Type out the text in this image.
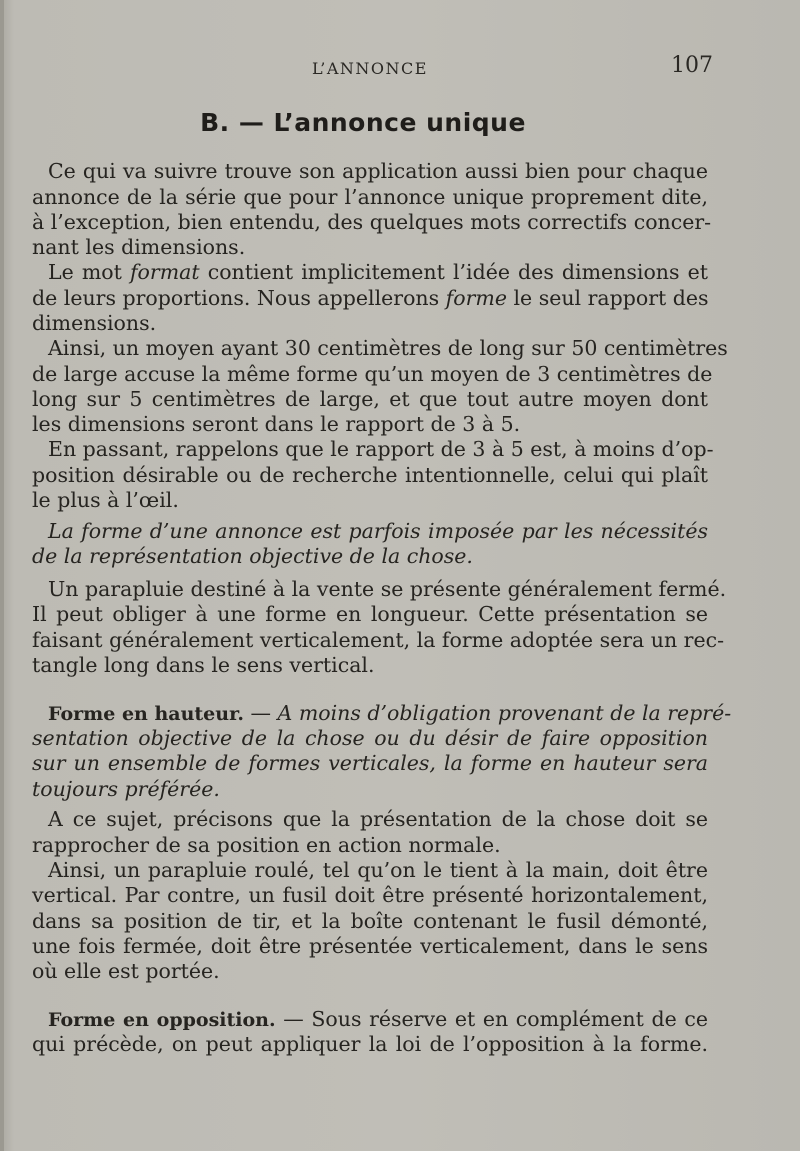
L’ANNONCE	107
B. — L’annonce unique
Ce qui va suivre trouve son application aussi bien pour chaque
annonce de la série que pour l’annonce unique proprement dite,
à l’exception, bien entendu, des quelques mots correctifs concer-
nant les dimensions.
Le mot format contient implicitement l’idée des dimensions et
de leurs proportions. Nous appellerons forme le seul rapport des
dimensions.
Ainsi, un moyen ayant 30 centimètres de long sur 50 centimètres
de large accuse la même forme qu’un moyen de 3 centimètres de
long sur 5 centimètres de large, et que tout autre moyen dont
les dimensions seront dans le rapport de 3 à 5.
En passant, rappelons que le rapport de 3 à 5 est, à moins d’op-
position désirable ou de recherche intentionnelle, celui qui plaît
le plus à l’œil.
La forme d’une annonce est parfois imposée par les nécessités
de la représentation objective de la chose.
Un parapluie destiné à la vente se présente généralement fermé.
Il peut obliger à une forme en longueur. Cette présentation se
faisant généralement verticalement, la forme adoptée sera un rec-
tangle long dans le sens vertical.
Forme en hauteur. — A moins d’obligation provenant de la repré-
sentation objective de la chose ou du désir de faire opposition
sur un ensemble de formes verticales, la forme en hauteur sera
toujours préférée.
A ce sujet, précisons que la présentation de la chose doit se
rapprocher de sa position en action normale.
Ainsi, un parapluie roulé, tel qu’on le tient à la main, doit être
vertical. Par contre, un fusil doit être présenté horizontalement,
dans sa position de tir, et la boîte contenant le fusil démonté,
une fois fermée, doit être présentée verticalement, dans le sens
où elle est portée.
Forme en opposition. — Sous réserve et en complément de ce
qui précède, on peut appliquer la loi de l’opposition à la forme.
